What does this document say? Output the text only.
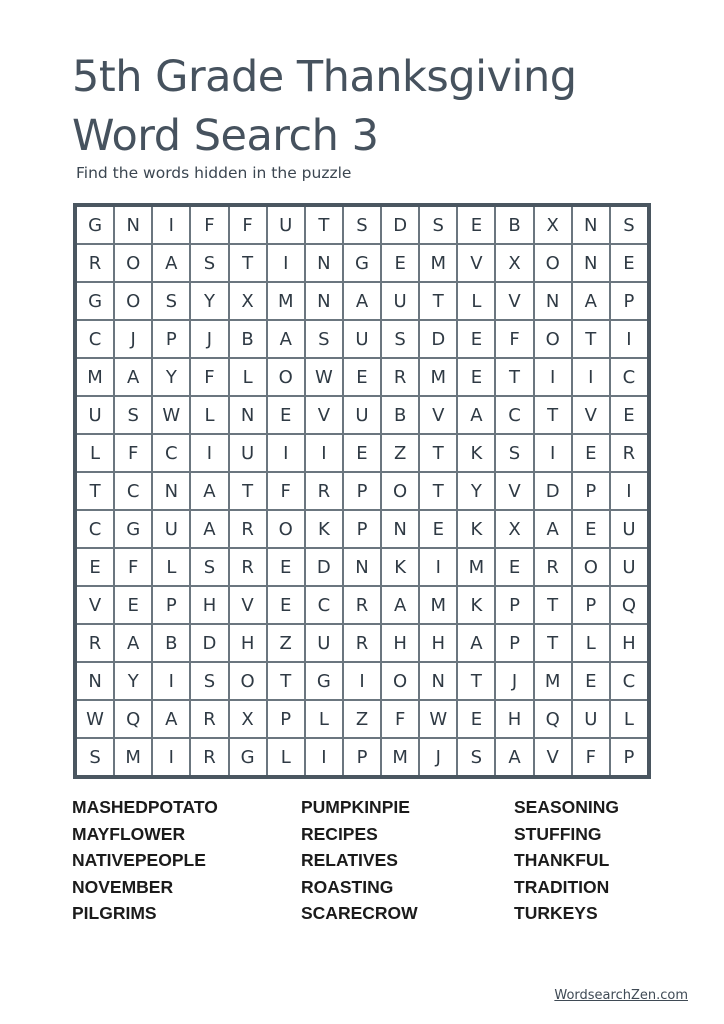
5th Grade Thanksgiving Word Search 3
Find the words hidden in the puzzle
G	N	I	F	F	U	T	S	D	S	E	B	X	N	S
R	O	A	S	T	I	N	G	E	M	V	X	O	N	E
G	O	S	Y	X	M	N	A	U	T	L	V	N	A	P
C	J	P	J	B	A	S	U	S	D	E	F	O	T	I
M	A	Y	F	L	O	W	E	R	M	E	T	I	I	C
U	S	W	L	N	E	V	U	B	V	A	C	T	V	E
L	F	C	I	U	I	I	E	Z	T	K	S	I	E	R
T	C	N	A	T	F	R	P	O	T	Y	V	D	P	I
C	G	U	A	R	O	K	P	N	E	K	X	A	E	U
E	F	L	S	R	E	D	N	K	I	M	E	R	O	U
V	E	P	H	V	E	C	R	A	M	K	P	T	P	Q
R	A	B	D	H	Z	U	R	H	H	A	P	T	L	H
N	Y	I	S	O	T	G	I	O	N	T	J	M	E	C
W	Q	A	R	X	P	L	Z	F	W	E	H	Q	U	L
S	M	I	R	G	L	I	P	M	J	S	A	V	F	P
MASHEDPOTATO
MAYFLOWER
NATIVEPEOPLE
NOVEMBER
PILGRIMS
PUMPKINPIE
RECIPES
RELATIVES
ROASTING
SCARECROW
SEASONING
STUFFING
THANKFUL
TRADITION
TURKEYS
WordsearchZen.com
